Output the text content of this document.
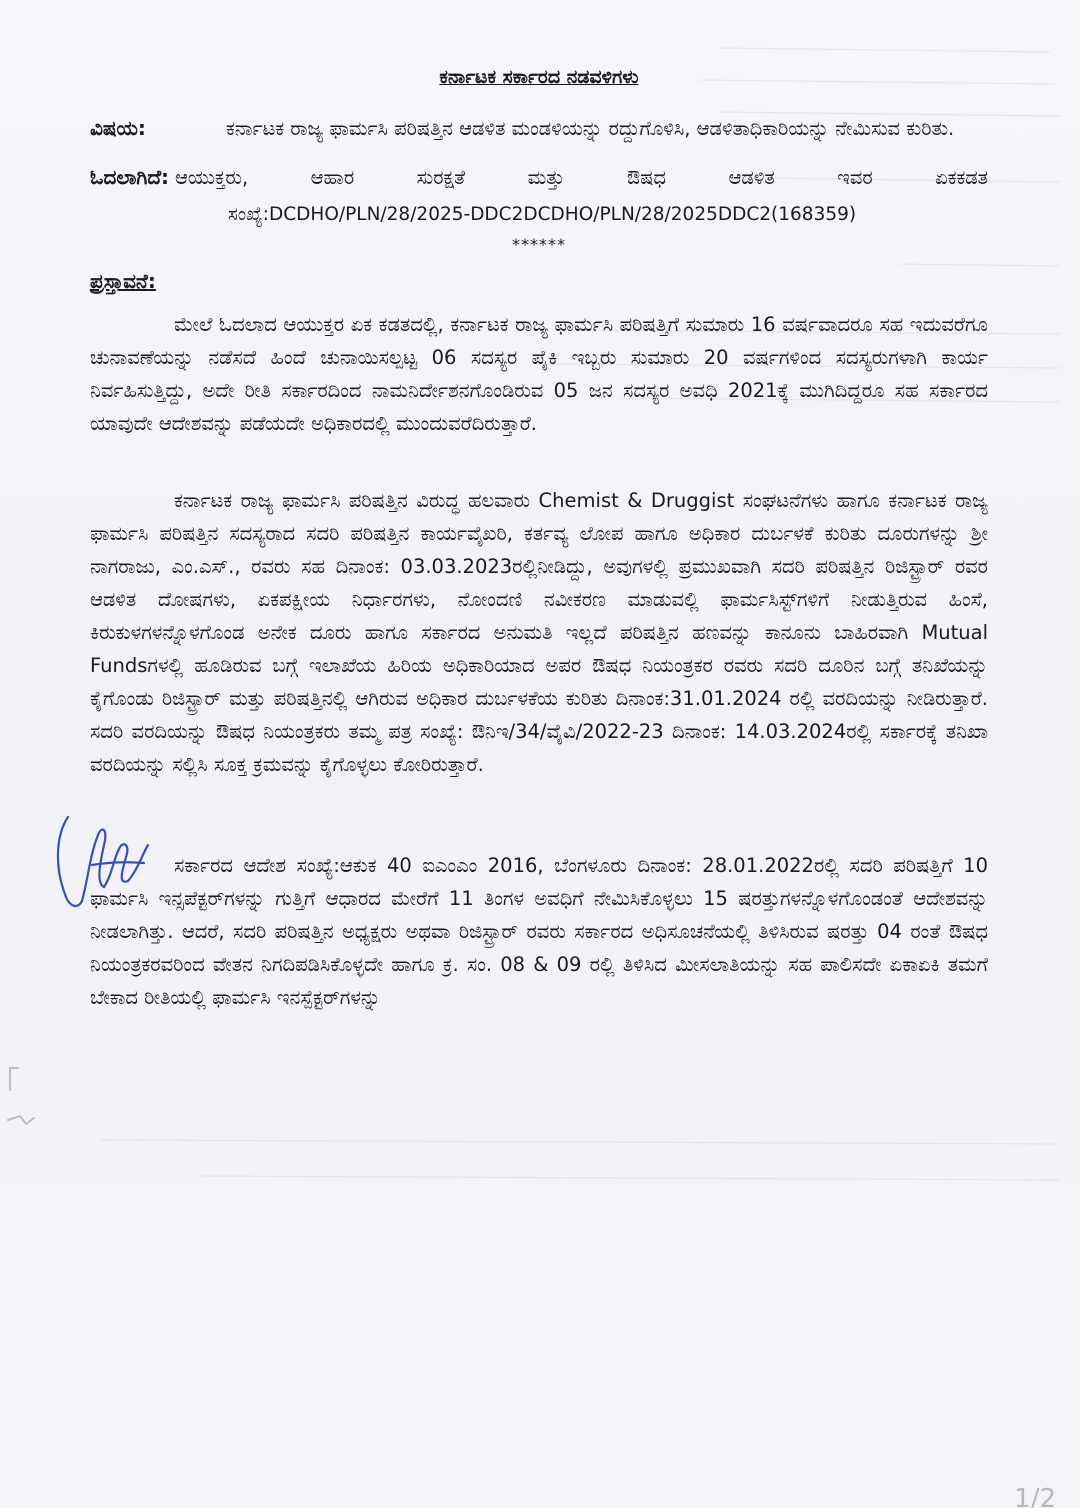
ಕರ್ನಾಟಕ ಸರ್ಕಾರದ ನಡವಳಿಗಳು
ವಿಷಯ:	ಕರ್ನಾಟಕ ರಾಜ್ಯ ಫಾರ್ಮಸಿ ಪರಿಷತ್ತಿನ ಆಡಳಿತ ಮಂಡಳಿಯನ್ನು ರದ್ದುಗೊಳಿಸಿ, ಆಡಳಿತಾಧಿಕಾರಿಯನ್ನು ನೇಮಿಸುವ ಕುರಿತು.
ಓದಲಾಗಿದೆ: ಆಯುಕ್ತರು, ಆಹಾರ ಸುರಕ್ಷತೆ ಮತ್ತು ಔಷಧ ಆಡಳಿತ ಇವರ ಏಕಕಡತ
ಸಂಖ್ಯೆ:DCDHO/PLN/28/2025-DDC2DCDHO/PLN/28/2025DDC2(168359)
******
ಪ್ರಸ್ತಾವನೆ:

ಮೇಲೆ ಓದಲಾದ ಆಯುಕ್ತರ ಏಕ ಕಡತದಲ್ಲಿ, ಕರ್ನಾಟಕ ರಾಜ್ಯ ಫಾರ್ಮಸಿ ಪರಿಷತ್ತಿಗೆ ಸುಮಾರು 16 ವರ್ಷವಾದರೂ ಸಹ ಇದುವರೆಗೂ ಚುನಾವಣೆಯನ್ನು ನಡೆಸದೆ ಹಿಂದೆ ಚುನಾಯಿಸಲ್ಪಟ್ಟ 06 ಸದಸ್ಯರ ಪೈಕಿ ಇಬ್ಬರು ಸುಮಾರು 20 ವರ್ಷಗಳಿಂದ ಸದಸ್ಯರುಗಳಾಗಿ ಕಾರ್ಯ ನಿರ್ವಹಿಸುತ್ತಿದ್ದು, ಅದೇ ರೀತಿ ಸರ್ಕಾರದಿಂದ ನಾಮನಿರ್ದೇಶನಗೊಂಡಿರುವ 05 ಜನ ಸದಸ್ಯರ ಅವಧಿ 2021ಕ್ಕೆ ಮುಗಿದಿದ್ದರೂ ಸಹ ಸರ್ಕಾರದ ಯಾವುದೇ ಆದೇಶವನ್ನು ಪಡೆಯದೇ ಅಧಿಕಾರದಲ್ಲಿ ಮುಂದುವರೆದಿರುತ್ತಾರೆ.

ಕರ್ನಾಟಕ ರಾಜ್ಯ ಫಾರ್ಮಸಿ ಪರಿಷತ್ತಿನ ವಿರುದ್ಧ ಹಲವಾರು Chemist & Druggist ಸಂಘಟನೆಗಳು ಹಾಗೂ ಕರ್ನಾಟಕ ರಾಜ್ಯ ಫಾರ್ಮಸಿ ಪರಿಷತ್ತಿನ ಸದಸ್ಯರಾದ ಸದರಿ ಪರಿಷತ್ತಿನ ಕಾರ್ಯವೈಖರಿ, ಕರ್ತವ್ಯ ಲೋಪ ಹಾಗೂ ಅಧಿಕಾರ ದುರ್ಬಳಕೆ ಕುರಿತು ದೂರುಗಳನ್ನು ಶ್ರೀ ನಾಗರಾಜು, ಎಂ.ಎಸ್., ರವರು ಸಹ ದಿನಾಂಕ: 03.03.2023ರಲ್ಲಿನೀಡಿದ್ದು, ಅವುಗಳಲ್ಲಿ ಪ್ರಮುಖವಾಗಿ ಸದರಿ ಪರಿಷತ್ತಿನ ರಿಜಿಸ್ಟ್ರಾರ್ ರವರ ಆಡಳಿತ ದೋಷಗಳು, ಏಕಪಕ್ಷೀಯ ನಿರ್ಧಾರಗಳು, ನೋಂದಣಿ ನವೀಕರಣ ಮಾಡುವಲ್ಲಿ ಫಾರ್ಮಸಿಸ್ಟ್‌ಗಳಿಗೆ ನೀಡುತ್ತಿರುವ ಹಿಂಸೆ, ಕಿರುಕುಳಗಳನ್ನೊಳಗೊಂಡ ಅನೇಕ ದೂರು ಹಾಗೂ ಸರ್ಕಾರದ ಅನುಮತಿ ಇಲ್ಲದೆ ಪರಿಷತ್ತಿನ ಹಣವನ್ನು ಕಾನೂನು ಬಾಹಿರವಾಗಿ Mutual Fundsಗಳಲ್ಲಿ ಹೂಡಿರುವ ಬಗ್ಗೆ ಇಲಾಖೆಯ ಹಿರಿಯ ಅಧಿಕಾರಿಯಾದ ಅಪರ ಔಷಧ ನಿಯಂತ್ರಕರ ರವರು ಸದರಿ ದೂರಿನ ಬಗ್ಗೆ ತನಿಖೆಯನ್ನು ಕೈಗೊಂಡು ರಿಜಿಸ್ಟ್ರಾರ್ ಮತ್ತು ಪರಿಷತ್ತಿನಲ್ಲಿ ಆಗಿರುವ ಅಧಿಕಾರ ದುರ್ಬಳಕೆಯ ಕುರಿತು ದಿನಾಂಕ:31.01.2024 ರಲ್ಲಿ ವರದಿಯನ್ನು ನೀಡಿರುತ್ತಾರೆ. ಸದರಿ ವರದಿಯನ್ನು ಔಷಧ ನಿಯಂತ್ರಕರು ತಮ್ಮ ಪತ್ರ ಸಂಖ್ಯೆ: ಔನಿಇ/34/ವೈವಿ/2022-23 ದಿನಾಂಕ: 14.03.2024ರಲ್ಲಿ ಸರ್ಕಾರಕ್ಕೆ ತನಿಖಾ ವರದಿಯನ್ನು ಸಲ್ಲಿಸಿ ಸೂಕ್ತ ಕ್ರಮವನ್ನು ಕೈಗೊಳ್ಳಲು ಕೋರಿರುತ್ತಾರೆ.

ಸರ್ಕಾರದ ಆದೇಶ ಸಂಖ್ಯೆ:ಆಕುಕ 40 ಐಎಂಎಂ 2016, ಬೆಂಗಳೂರು ದಿನಾಂಕ: 28.01.2022ರಲ್ಲಿ ಸದರಿ ಪರಿಷತ್ತಿಗೆ 10 ಫಾರ್ಮಸಿ ಇನ್ಸಪೆಕ್ಟರ್‌ಗಳನ್ನು ಗುತ್ತಿಗೆ ಆಧಾರದ ಮೇರೆಗೆ 11 ತಿಂಗಳ ಅವಧಿಗೆ ನೇಮಿಸಿಕೊಳ್ಳಲು 15 ಷರತ್ತುಗಳನ್ನೊಳಗೊಂಡಂತೆ ಆದೇಶವನ್ನು ನೀಡಲಾಗಿತ್ತು. ಆದರೆ, ಸದರಿ ಪರಿಷತ್ತಿನ ಅಧ್ಯಕ್ಷರು ಅಥವಾ ರಿಜಿಸ್ಟ್ರಾರ್ ರವರು ಸರ್ಕಾರದ ಅಧಿಸೂಚನೆಯಲ್ಲಿ ತಿಳಿಸಿರುವ ಷರತ್ತು 04 ರಂತೆ ಔಷಧ ನಿಯಂತ್ರಕರವರಿಂದ ವೇತನ ನಿಗದಿಪಡಿಸಿಕೊಳ್ಳದೇ ಹಾಗೂ ಕ್ರ. ಸಂ. 08 & 09 ರಲ್ಲಿ ತಿಳಿಸಿದ ಮೀಸಲಾತಿಯನ್ನು ಸಹ ಪಾಲಿಸದೇ ಏಕಾಏಕಿ ತಮಗೆ ಬೇಕಾದ ರೀತಿಯಲ್ಲಿ ಫಾರ್ಮಸಿ ಇನಸ್ಪೆಕ್ಟರ್‌ಗಳನ್ನು

1/2
